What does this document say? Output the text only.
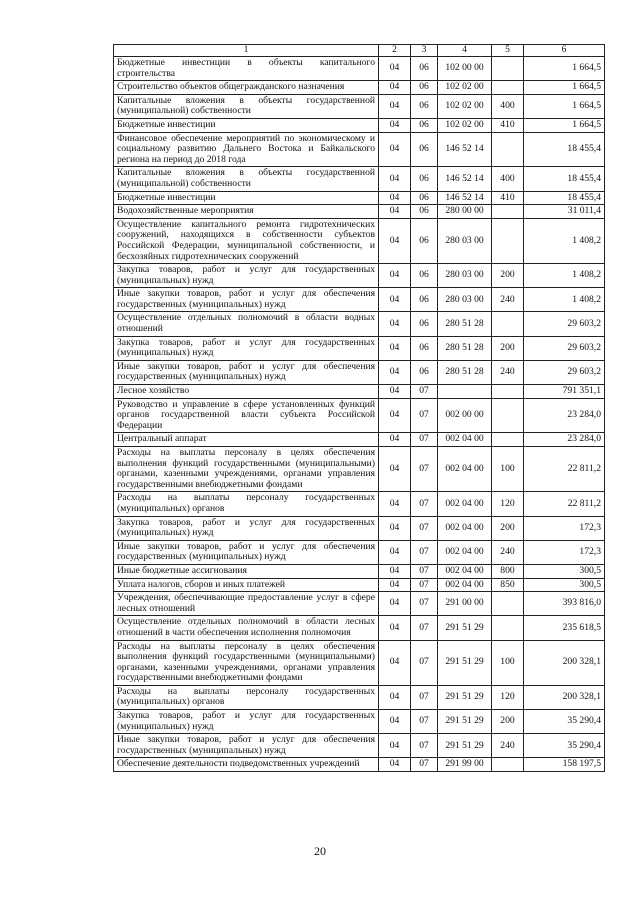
1	2	3	4	5	6
Бюджетные инвестиции в объекты капитального строительства	04	06	102 00 00		1 664,5
Строительство объектов общегражданского назначения	04	06	102 02 00		1 664,5
Капитальные вложения в объекты государственной (муниципальной) собственности	04	06	102 02 00	400	1 664,5
Бюджетные инвестиции	04	06	102 02 00	410	1 664,5
Финансовое обеспечение мероприятий по экономическому и социальному развитию Дальнего Востока и Байкальского региона на период до 2018 года	04	06	146 52 14		18 455,4
Капитальные вложения в объекты государственной (муниципальной) собственности	04	06	146 52 14	400	18 455,4
Бюджетные инвестиции	04	06	146 52 14	410	18 455,4
Водохозяйственные мероприятия	04	06	280 00 00		31 011,4
Осуществление капитального ремонта гидротехнических сооружений, находящихся в собственности субъектов Российской Федерации, муниципальной собственности, и бесхозяйных гидротехнических сооружений	04	06	280 03 00		1 408,2
Закупка товаров, работ и услуг для государственных (муниципальных) нужд	04	06	280 03 00	200	1 408,2
Иные закупки товаров, работ и услуг для обеспечения государственных (муниципальных) нужд	04	06	280 03 00	240	1 408,2
Осуществление отдельных полномочий в области водных отношений	04	06	280 51 28		29 603,2
Закупка товаров, работ и услуг для государственных (муниципальных) нужд	04	06	280 51 28	200	29 603,2
Иные закупки товаров, работ и услуг для обеспечения государственных (муниципальных) нужд	04	06	280 51 28	240	29 603,2
Лесное хозяйство	04	07			791 351,1
Руководство и управление в сфере установленных функций органов государственной власти субъекта Российской Федерации	04	07	002 00 00		23 284,0
Центральный аппарат	04	07	002 04 00		23 284,0
Расходы на выплаты персоналу в целях обеспечения выполнения функций государственными (муниципальными) органами, казенными учреждениями, органами управления государственными внебюджетными фондами	04	07	002 04 00	100	22 811,2
Расходы на выплаты персоналу государственных (муниципальных) органов	04	07	002 04 00	120	22 811,2
Закупка товаров, работ и услуг для государственных (муниципальных) нужд	04	07	002 04 00	200	172,3
Иные закупки товаров, работ и услуг для обеспечения государственных (муниципальных) нужд	04	07	002 04 00	240	172,3
Иные бюджетные ассигнования	04	07	002 04 00	800	300,5
Уплата налогов, сборов и иных платежей	04	07	002 04 00	850	300,5
Учреждения, обеспечивающие предоставление услуг в сфере лесных отношений	04	07	291 00 00		393 816,0
Осуществление отдельных полномочий в области лесных отношений в части обеспечения исполнения полномочия	04	07	291 51 29		235 618,5
Расходы на выплаты персоналу в целях обеспечения выполнения функций государственными (муниципальными) органами, казенными учреждениями, органами управления государственными внебюджетными фондами	04	07	291 51 29	100	200 328,1
Расходы на выплаты персоналу государственных (муниципальных) органов	04	07	291 51 29	120	200 328,1
Закупка товаров, работ и услуг для государственных (муниципальных) нужд	04	07	291 51 29	200	35 290,4
Иные закупки товаров, работ и услуг для обеспечения государственных (муниципальных) нужд	04	07	291 51 29	240	35 290,4
Обеспечение деятельности подведомственных учреждений	04	07	291 99 00		158 197,5
20
